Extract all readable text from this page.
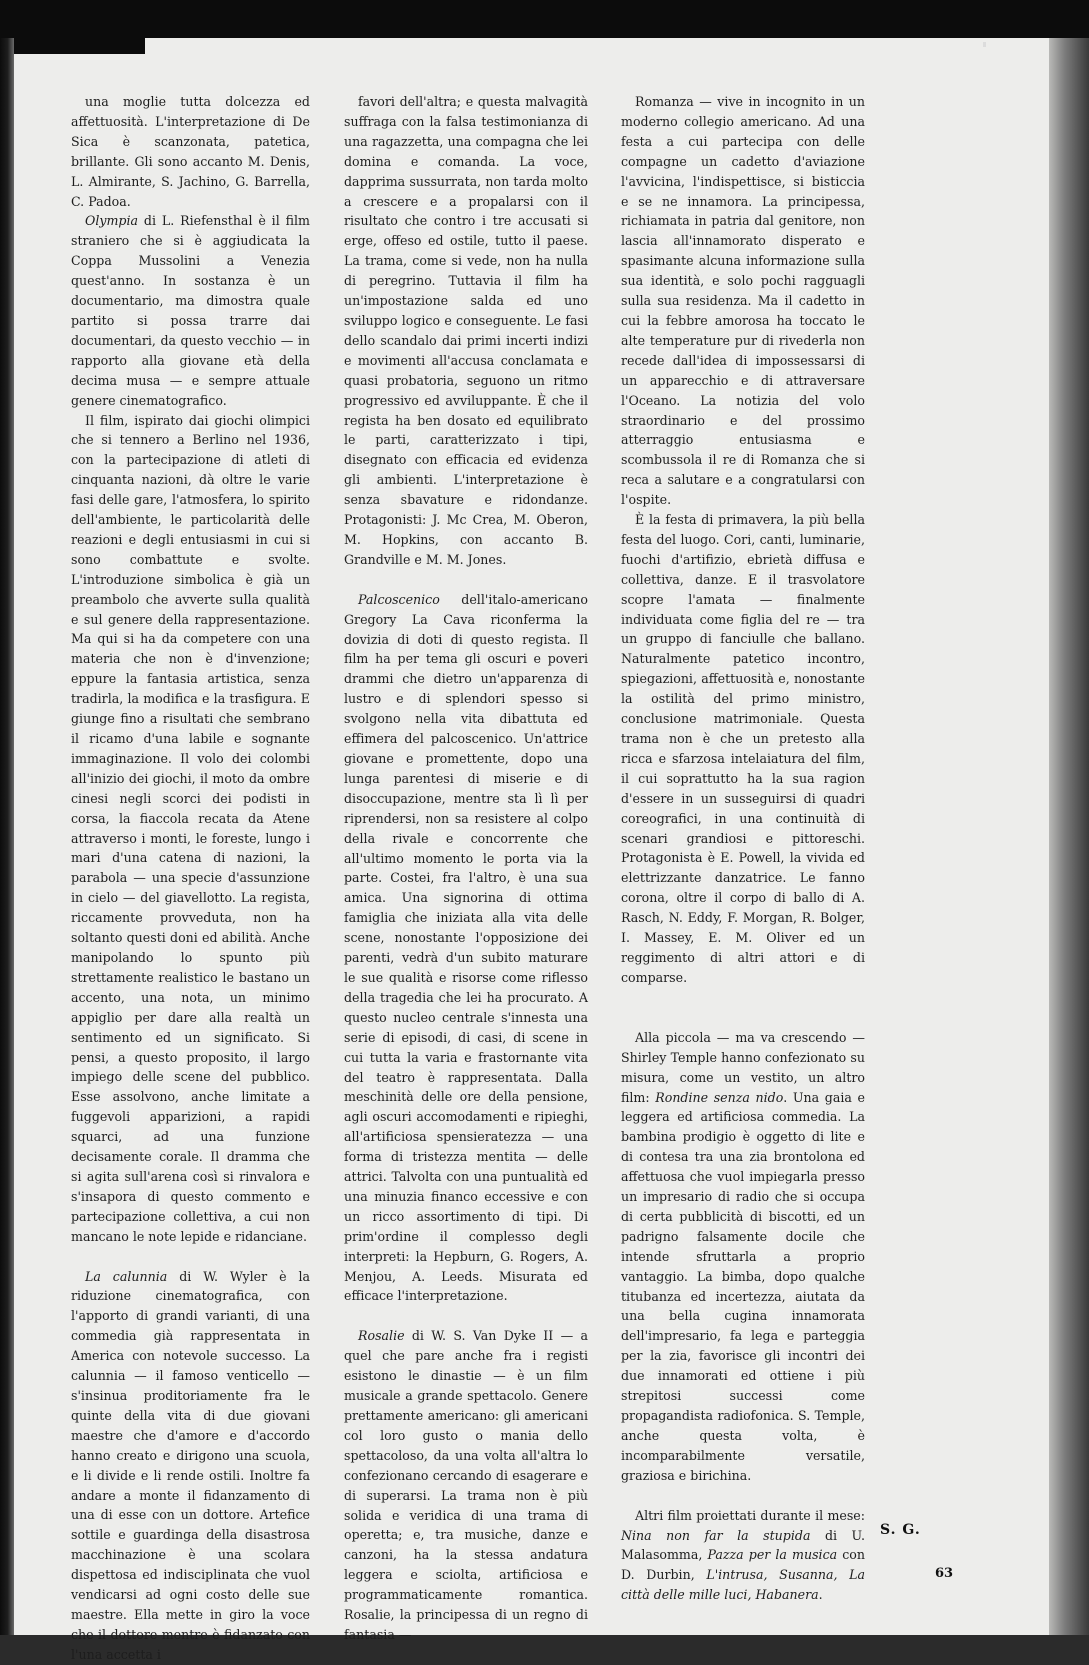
una moglie tutta dolcezza ed affettuosità. L'interpretazione di De Sica è scanzonata, patetica, brillante. Gli sono accanto M. Denis, L. Almirante, S. Jachino, G. Barrella, C. Padoa.

Olympia di L. Riefensthal è il film straniero che si è aggiudicata la Coppa Mussolini a Venezia quest'anno. In sostanza è un documentario, ma dimostra quale partito si possa trarre dai documentari, da questo vecchio — in rapporto alla giovane età della decima musa — e sempre attuale genere cinematografico.

Il film, ispirato dai giochi olimpici che si tennero a Berlino nel 1936, con la partecipazione di atleti di cinquanta nazioni, dà oltre le varie fasi delle gare, l'atmosfera, lo spirito dell'ambiente, le particolarità delle reazioni e degli entusiasmi in cui si sono combattute e svolte. L'introduzione simbolica è già un preambolo che avverte sulla qualità e sul genere della rappresentazione. Ma qui si ha da competere con una materia che non è d'invenzione; eppure la fantasia artistica, senza tradirla, la modifica e la trasfigura. E giunge fino a risultati che sembrano il ricamo d'una labile e sognante immaginazione. Il volo dei colombi all'inizio dei giochi, il moto da ombre cinesi negli scorci dei podisti in corsa, la fiaccola recata da Atene attraverso i monti, le foreste, lungo i mari d'una catena di nazioni, la parabola — una specie d'assunzione in cielo — del giavellotto. La regista, riccamente provveduta, non ha soltanto questi doni ed abilità. Anche manipolando lo spunto più strettamente realistico le bastano un accento, una nota, un minimo appiglio per dare alla realtà un sentimento ed un significato. Si pensi, a questo proposito, il largo impiego delle scene del pubblico. Esse assolvono, anche limitate a fuggevoli apparizioni, a rapidi squarci, ad una funzione decisamente corale. Il dramma che si agita sull'arena così si rinvalora e s'insapora di questo commento e partecipazione collettiva, a cui non mancano le note lepide e ridanciane.

La calunnia di W. Wyler è la riduzione cinematografica, con l'apporto di grandi varianti, di una commedia già rappresentata in America con notevole successo. La calunnia — il famoso venticello — s'insinua proditoriamente fra le quinte della vita di due giovani maestre che d'amore e d'accordo hanno creato e dirigono una scuola, e li divide e li rende ostili. Inoltre fa andare a monte il fidanzamento di una di esse con un dottore. Artefice sottile e guardinga della disastrosa macchinazione è una scolara dispettosa ed indisciplinata che vuol vendicarsi ad ogni costo delle sue maestre. Ella mette in giro la voce che il dottore mentre è fidanzato con l'una accetta i

favori dell'altra; e questa malvagità suffraga con la falsa testimonianza di una ragazzetta, una compagna che lei domina e comanda. La voce, dapprima sussurrata, non tarda molto a crescere e a propalarsi con il risultato che contro i tre accusati si erge, offeso ed ostile, tutto il paese. La trama, come si vede, non ha nulla di peregrino. Tuttavia il film ha un'impostazione salda ed uno sviluppo logico e conseguente. Le fasi dello scandalo dai primi incerti indizi e movimenti all'accusa conclamata e quasi probatoria, seguono un ritmo progressivo ed avviluppante. È che il regista ha ben dosato ed equilibrato le parti, caratterizzato i tipi, disegnato con efficacia ed evidenza gli ambienti. L'interpretazione è senza sbavature e ridondanze. Protagonisti: J. Mc Crea, M. Oberon, M. Hopkins, con accanto B. Grandville e M. M. Jones.

Palcoscenico dell'italo-americano Gregory La Cava riconferma la dovizia di doti di questo regista. Il film ha per tema gli oscuri e poveri drammi che dietro un'apparenza di lustro e di splendori spesso si svolgono nella vita dibattuta ed effimera del palcoscenico. Un'attrice giovane e promettente, dopo una lunga parentesi di miserie e di disoccupazione, mentre sta lì lì per riprendersi, non sa resistere al colpo della rivale e concorrente che all'ultimo momento le porta via la parte. Costei, fra l'altro, è una sua amica. Una signorina di ottima famiglia che iniziata alla vita delle scene, nonostante l'opposizione dei parenti, vedrà d'un subito maturare le sue qualità e risorse come riflesso della tragedia che lei ha procurato. A questo nucleo centrale s'innesta una serie di episodi, di casi, di scene in cui tutta la varia e frastornante vita del teatro è rappresentata. Dalla meschinità delle ore della pensione, agli oscuri accomodamenti e ripieghi, all'artificiosa spensieratezza — una forma di tristezza mentita — delle attrici. Talvolta con una puntualità ed una minuzia financo eccessive e con un ricco assortimento di tipi. Di prim'ordine il complesso degli interpreti: la Hepburn, G. Rogers, A. Menjou, A. Leeds. Misurata ed efficace l'interpretazione.

Rosalie di W. S. Van Dyke II — a quel che pare anche fra i registi esistono le dinastie — è un film musicale a grande spettacolo. Genere prettamente americano: gli americani col loro gusto o mania dello spettacoloso, da una volta all'altra lo confezionano cercando di esagerare e di superarsi. La trama non è più solida e veridica di una trama di operetta; e, tra musiche, danze e canzoni, ha la stessa andatura leggera e sciolta, artificiosa e programmaticamente romantica. Rosalie, la principessa di un regno di fantasia —

Romanza — vive in incognito in un moderno collegio americano. Ad una festa a cui partecipa con delle compagne un cadetto d'aviazione l'avvicina, l'indispettisce, si bisticcia e se ne innamora. La principessa, richiamata in patria dal genitore, non lascia all'innamorato disperato e spasimante alcuna informazione sulla sua identità, e solo pochi ragguagli sulla sua residenza. Ma il cadetto in cui la febbre amorosa ha toccato le alte temperature pur di rivederla non recede dall'idea di impossessarsi di un apparecchio e di attraversare l'Oceano. La notizia del volo straordinario e del prossimo atterraggio entusiasma e scombussola il re di Romanza che si reca a salutare e a congratularsi con l'ospite.

È la festa di primavera, la più bella festa del luogo. Cori, canti, luminarie, fuochi d'artifizio, ebrietà diffusa e collettiva, danze. E il trasvolatore scopre l'amata — finalmente individuata come figlia del re — tra un gruppo di fanciulle che ballano. Naturalmente patetico incontro, spiegazioni, affettuosità e, nonostante la ostilità del primo ministro, conclusione matrimoniale. Questa trama non è che un pretesto alla ricca e sfarzosa intelaiatura del film, il cui soprattutto ha la sua ragion d'essere in un susseguirsi di quadri coreografici, in una continuità di scenari grandiosi e pittoreschi. Protagonista è E. Powell, la vivida ed elettrizzante danzatrice. Le fanno corona, oltre il corpo di ballo di A. Rasch, N. Eddy, F. Morgan, R. Bolger, I. Massey, E. M. Oliver ed un reggimento di altri attori e di comparse.

Alla piccola — ma va crescendo — Shirley Temple hanno confezionato su misura, come un vestito, un altro film: Rondine senza nido. Una gaia e leggera ed artificiosa commedia. La bambina prodigio è oggetto di lite e di contesa tra una zia brontolona ed affettuosa che vuol impiegarla presso un impresario di radio che si occupa di certa pubblicità di biscotti, ed un padrigno falsamente docile che intende sfruttarla a proprio vantaggio. La bimba, dopo qualche titubanza ed incertezza, aiutata da una bella cugina innamorata dell'impresario, fa lega e parteggia per la zia, favorisce gli incontri dei due innamorati ed ottiene i più strepitosi successi come propagandista radiofonica. S. Temple, anche questa volta, è incomparabilmente versatile, graziosa e birichina.

Altri film proiettati durante il mese: Nina non far la stupida di U. Malasomma, Pazza per la musica con D. Durbin, L'intrusa, Susanna, La città delle mille luci, Habanera.

S. G.
63
